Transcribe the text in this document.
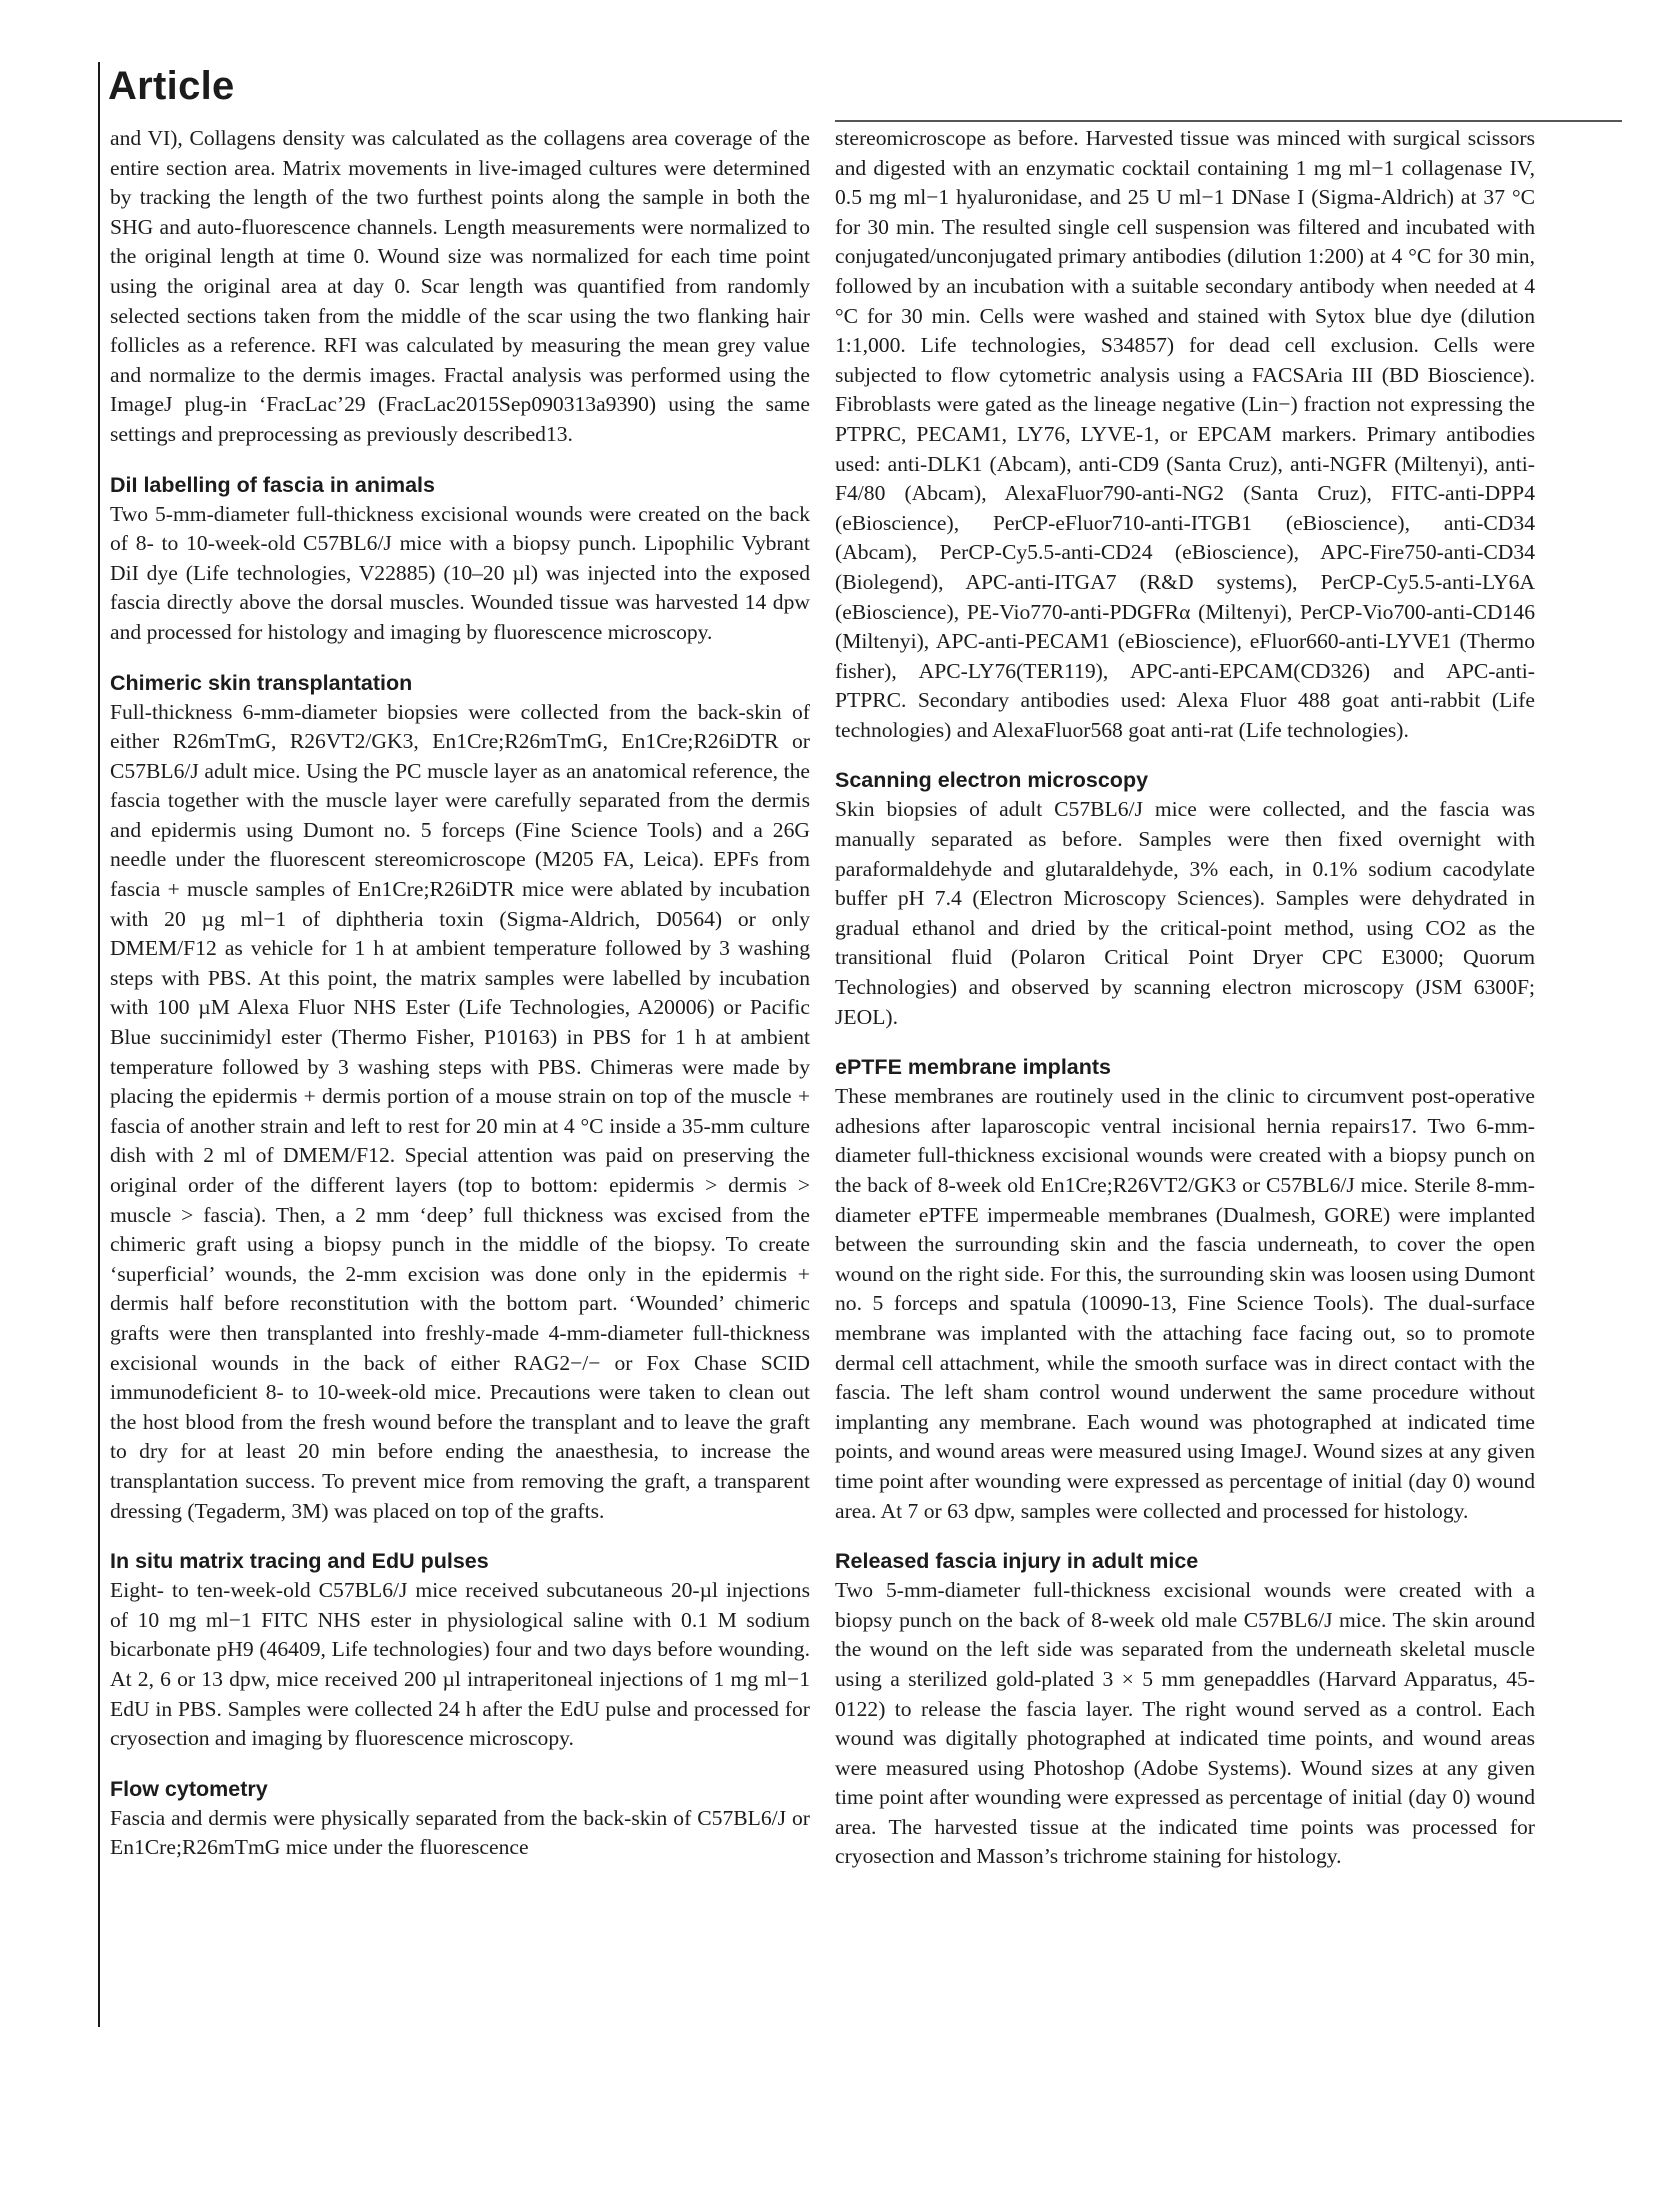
Article

and VI), Collagens density was calculated as the collagens area coverage of the entire section area. Matrix movements in live-imaged cultures were determined by tracking the length of the two furthest points along the sample in both the SHG and auto-fluorescence channels. Length measurements were normalized to the original length at time 0. Wound size was normalized for each time point using the original area at day 0. Scar length was quantified from randomly selected sections taken from the middle of the scar using the two flanking hair follicles as a reference. RFI was calculated by measuring the mean grey value and normalize to the dermis images. Fractal analysis was performed using the ImageJ plug-in ‘FracLac’29 (FracLac2015Sep090313a9390) using the same settings and preprocessing as previously described13.

DiI labelling of fascia in animals

Two 5-mm-diameter full-thickness excisional wounds were created on the back of 8- to 10-week-old C57BL6/J mice with a biopsy punch. Lipophilic Vybrant DiI dye (Life technologies, V22885) (10–20 µl) was injected into the exposed fascia directly above the dorsal muscles. Wounded tissue was harvested 14 dpw and processed for histology and imaging by fluorescence microscopy.

Chimeric skin transplantation

Full-thickness 6-mm-diameter biopsies were collected from the back-skin of either R26mTmG, R26VT2/GK3, En1Cre;R26mTmG, En1Cre;R26iDTR or C57BL6/J adult mice. Using the PC muscle layer as an anatomical reference, the fascia together with the muscle layer were carefully separated from the dermis and epidermis using Dumont no. 5 forceps (Fine Science Tools) and a 26G needle under the fluorescent stereomicroscope (M205 FA, Leica). EPFs from fascia + muscle samples of En1Cre;R26iDTR mice were ablated by incubation with 20 µg ml−1 of diphtheria toxin (Sigma-Aldrich, D0564) or only DMEM/F12 as vehicle for 1 h at ambient temperature followed by 3 washing steps with PBS. At this point, the matrix samples were labelled by incubation with 100 µM Alexa Fluor NHS Ester (Life Technologies, A20006) or Pacific Blue succinimidyl ester (Thermo Fisher, P10163) in PBS for 1 h at ambient temperature followed by 3 washing steps with PBS. Chimeras were made by placing the epidermis + dermis portion of a mouse strain on top of the muscle + fascia of another strain and left to rest for 20 min at 4 °C inside a 35-mm culture dish with 2 ml of DMEM/F12. Special attention was paid on preserving the original order of the different layers (top to bottom: epidermis > dermis > muscle > fascia). Then, a 2 mm ‘deep’ full thickness was excised from the chimeric graft using a biopsy punch in the middle of the biopsy. To create ‘superficial’ wounds, the 2-mm excision was done only in the epidermis + dermis half before reconstitution with the bottom part. ‘Wounded’ chimeric grafts were then transplanted into freshly-made 4-mm-diameter full-thickness excisional wounds in the back of either RAG2−/− or Fox Chase SCID immunodeficient 8- to 10-week-old mice. Precautions were taken to clean out the host blood from the fresh wound before the transplant and to leave the graft to dry for at least 20 min before ending the anaesthesia, to increase the transplantation success. To prevent mice from removing the graft, a transparent dressing (Tegaderm, 3M) was placed on top of the grafts.

In situ matrix tracing and EdU pulses

Eight- to ten-week-old C57BL6/J mice received subcutaneous 20-µl injections of 10 mg ml−1 FITC NHS ester in physiological saline with 0.1 M sodium bicarbonate pH9 (46409, Life technologies) four and two days before wounding. At 2, 6 or 13 dpw, mice received 200 µl intraperitoneal injections of 1 mg ml−1 EdU in PBS. Samples were collected 24 h after the EdU pulse and processed for cryosection and imaging by fluorescence microscopy.

Flow cytometry

Fascia and dermis were physically separated from the back-skin of C57BL6/J or En1Cre;R26mTmG mice under the fluorescence

stereomicroscope as before. Harvested tissue was minced with surgical scissors and digested with an enzymatic cocktail containing 1 mg ml−1 collagenase IV, 0.5 mg ml−1 hyaluronidase, and 25 U ml−1 DNase I (Sigma-Aldrich) at 37 °C for 30 min. The resulted single cell suspension was filtered and incubated with conjugated/unconjugated primary antibodies (dilution 1:200) at 4 °C for 30 min, followed by an incubation with a suitable secondary antibody when needed at 4 °C for 30 min. Cells were washed and stained with Sytox blue dye (dilution 1:1,000. Life technologies, S34857) for dead cell exclusion. Cells were subjected to flow cytometric analysis using a FACSAria III (BD Bioscience). Fibroblasts were gated as the lineage negative (Lin−) fraction not expressing the PTPRC, PECAM1, LY76, LYVE-1, or EPCAM markers. Primary antibodies used: anti-DLK1 (Abcam), anti-CD9 (Santa Cruz), anti-NGFR (Miltenyi), anti-F4/80 (Abcam), AlexaFluor790-anti-NG2 (Santa Cruz), FITC-anti-DPP4 (eBioscience), PerCP-eFluor710-anti-ITGB1 (eBioscience), anti-CD34 (Abcam), PerCP-Cy5.5-anti-CD24 (eBioscience), APC-Fire750-anti-CD34 (Biolegend), APC-anti-ITGA7 (R&D systems), PerCP-Cy5.5-anti-LY6A (eBioscience), PE-Vio770-anti-PDGFRα (Miltenyi), PerCP-Vio700-anti-CD146 (Miltenyi), APC-anti-PECAM1 (eBioscience), eFluor660-anti-LYVE1 (Thermo fisher), APC-LY76(TER119), APC-anti-EPCAM(CD326) and APC-anti-PTPRC. Secondary antibodies used: Alexa Fluor 488 goat anti-rabbit (Life technologies) and AlexaFluor568 goat anti-rat (Life technologies).

Scanning electron microscopy

Skin biopsies of adult C57BL6/J mice were collected, and the fascia was manually separated as before. Samples were then fixed overnight with paraformaldehyde and glutaraldehyde, 3% each, in 0.1% sodium cacodylate buffer pH 7.4 (Electron Microscopy Sciences). Samples were dehydrated in gradual ethanol and dried by the critical-point method, using CO2 as the transitional fluid (Polaron Critical Point Dryer CPC E3000; Quorum Technologies) and observed by scanning electron microscopy (JSM 6300F; JEOL).

ePTFE membrane implants

These membranes are routinely used in the clinic to circumvent post-operative adhesions after laparoscopic ventral incisional hernia repairs17. Two 6-mm-diameter full-thickness excisional wounds were created with a biopsy punch on the back of 8-week old En1Cre;R26VT2/GK3 or C57BL6/J mice. Sterile 8-mm-diameter ePTFE impermeable membranes (Dualmesh, GORE) were implanted between the surrounding skin and the fascia underneath, to cover the open wound on the right side. For this, the surrounding skin was loosen using Dumont no. 5 forceps and spatula (10090-13, Fine Science Tools). The dual-surface membrane was implanted with the attaching face facing out, so to promote dermal cell attachment, while the smooth surface was in direct contact with the fascia. The left sham control wound underwent the same procedure without implanting any membrane. Each wound was photographed at indicated time points, and wound areas were measured using ImageJ. Wound sizes at any given time point after wounding were expressed as percentage of initial (day 0) wound area. At 7 or 63 dpw, samples were collected and processed for histology.

Released fascia injury in adult mice

Two 5-mm-diameter full-thickness excisional wounds were created with a biopsy punch on the back of 8-week old male C57BL6/J mice. The skin around the wound on the left side was separated from the underneath skeletal muscle using a sterilized gold-plated 3 × 5 mm genepaddles (Harvard Apparatus, 45-0122) to release the fascia layer. The right wound served as a control. Each wound was digitally photographed at indicated time points, and wound areas were measured using Photoshop (Adobe Systems). Wound sizes at any given time point after wounding were expressed as percentage of initial (day 0) wound area. The harvested tissue at the indicated time points was processed for cryosection and Masson’s trichrome staining for histology.
